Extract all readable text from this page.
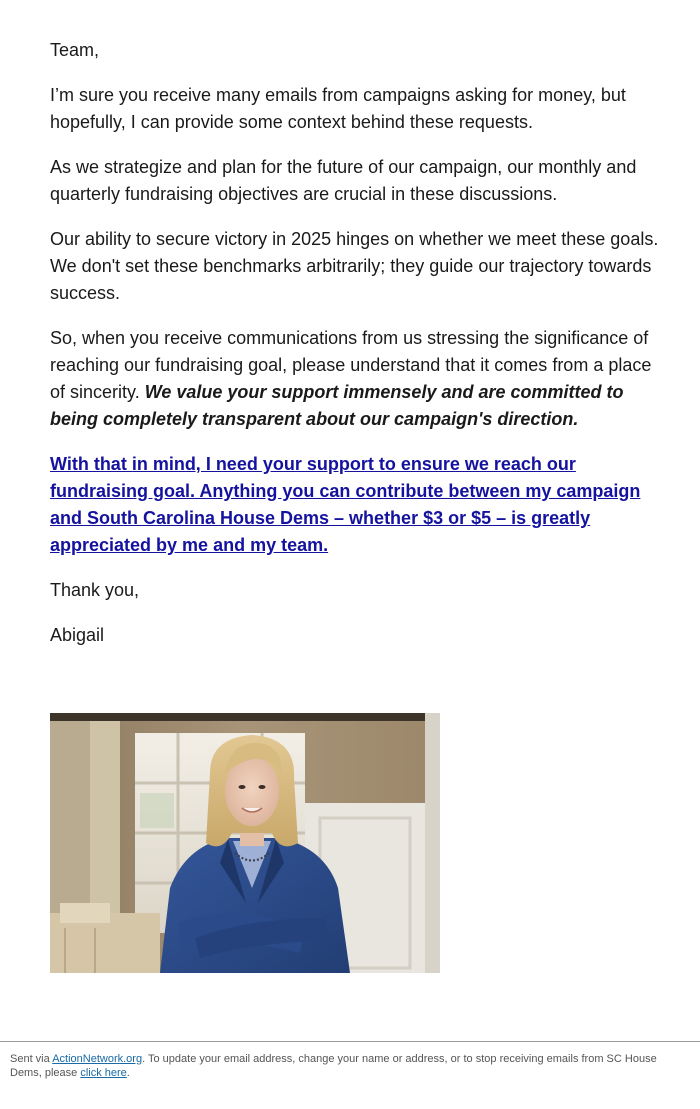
Team,

I’m sure you receive many emails from campaigns asking for money, but hopefully, I can provide some context behind these requests.

As we strategize and plan for the future of our campaign, our monthly and quarterly fundraising objectives are crucial in these discussions.

Our ability to secure victory in 2025 hinges on whether we meet these goals. We don't set these benchmarks arbitrarily; they guide our trajectory towards success.

So, when you receive communications from us stressing the significance of reaching our fundraising goal, please understand that it comes from a place of sincerity. We value your support immensely and are committed to being completely transparent about our campaign's direction.

With that in mind, I need your support to ensure we reach our fundraising goal. Anything you can contribute between my campaign and South Carolina House Dems – whether $3 or $5 – is greatly appreciated by me and my team.

Thank you,

Abigail

Sent via ActionNetwork.org. To update your email address, change your name or address, or to stop receiving emails from SC House Dems, please click here.
